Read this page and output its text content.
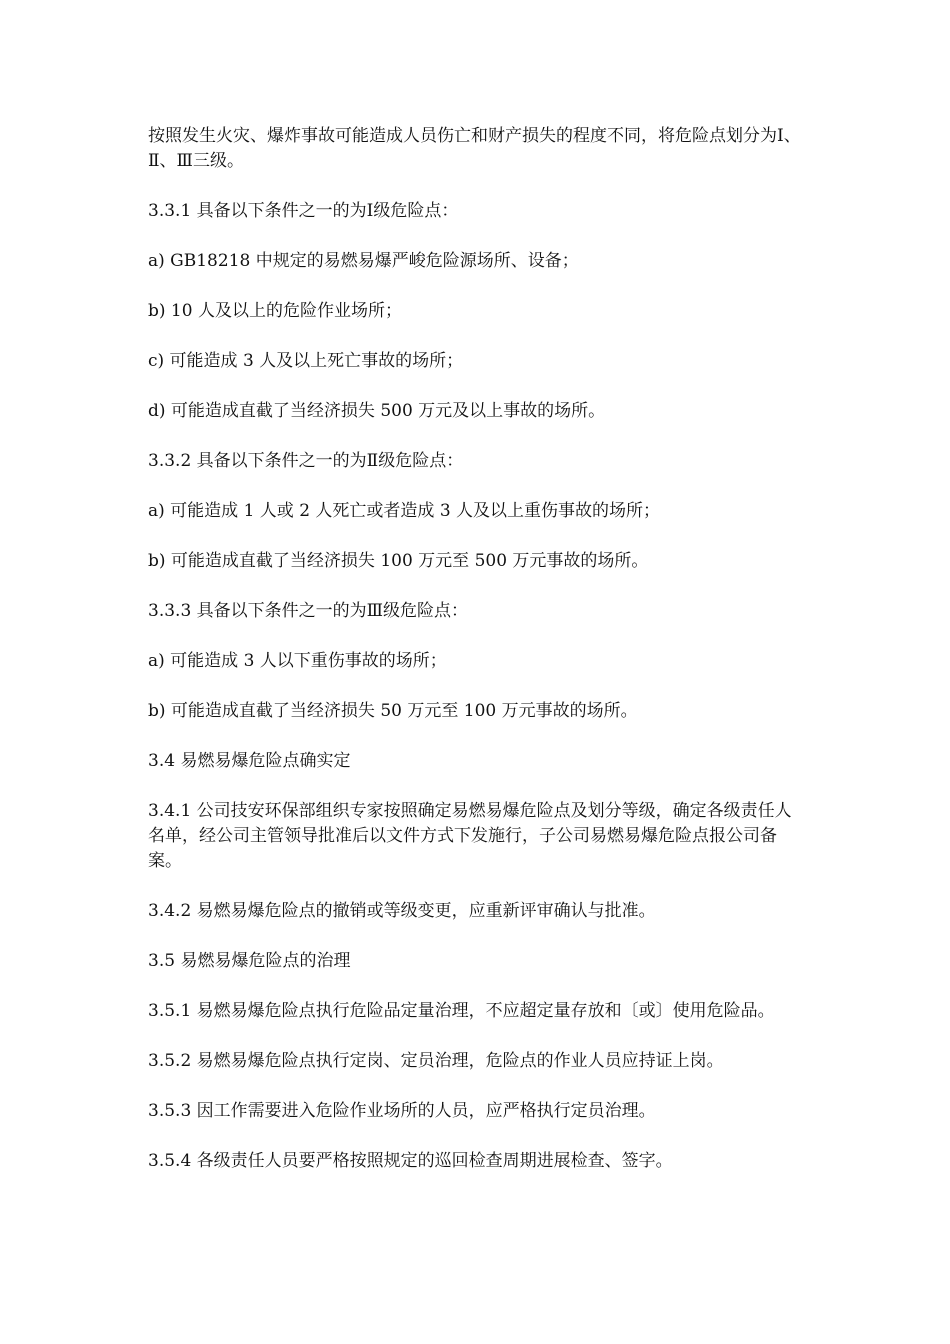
按照发生火灾、爆炸事故可能造成人员伤亡和财产损失的程度不同，将危险点划分为Ⅰ、Ⅱ、Ⅲ三级。

3.3.1 具备以下条件之一的为Ⅰ级危险点：

a) GB18218 中规定的易燃易爆严峻危险源场所、设备；

b) 10 人及以上的危险作业场所；

c) 可能造成 3 人及以上死亡事故的场所；

d) 可能造成直截了当经济损失 500 万元及以上事故的场所。

3.3.2 具备以下条件之一的为Ⅱ级危险点：

a) 可能造成 1 人或 2 人死亡或者造成 3 人及以上重伤事故的场所；

b) 可能造成直截了当经济损失 100 万元至 500 万元事故的场所。

3.3.3 具备以下条件之一的为Ⅲ级危险点：

a) 可能造成 3 人以下重伤事故的场所；

b) 可能造成直截了当经济损失 50 万元至 100 万元事故的场所。

3.4 易燃易爆危险点确实定

3.4.1 公司技安环保部组织专家按照确定易燃易爆危险点及划分等级，确定各级责任人名单，经公司主管领导批准后以文件方式下发施行，子公司易燃易爆危险点报公司备案。

3.4.2 易燃易爆危险点的撤销或等级变更，应重新评审确认与批准。

3.5 易燃易爆危险点的治理

3.5.1 易燃易爆危险点执行危险品定量治理，不应超定量存放和〔或〕使用危险品。

3.5.2 易燃易爆危险点执行定岗、定员治理，危险点的作业人员应持证上岗。

3.5.3 因工作需要进入危险作业场所的人员，应严格执行定员治理。

3.5.4 各级责任人员要严格按照规定的巡回检查周期进展检查、签字。
